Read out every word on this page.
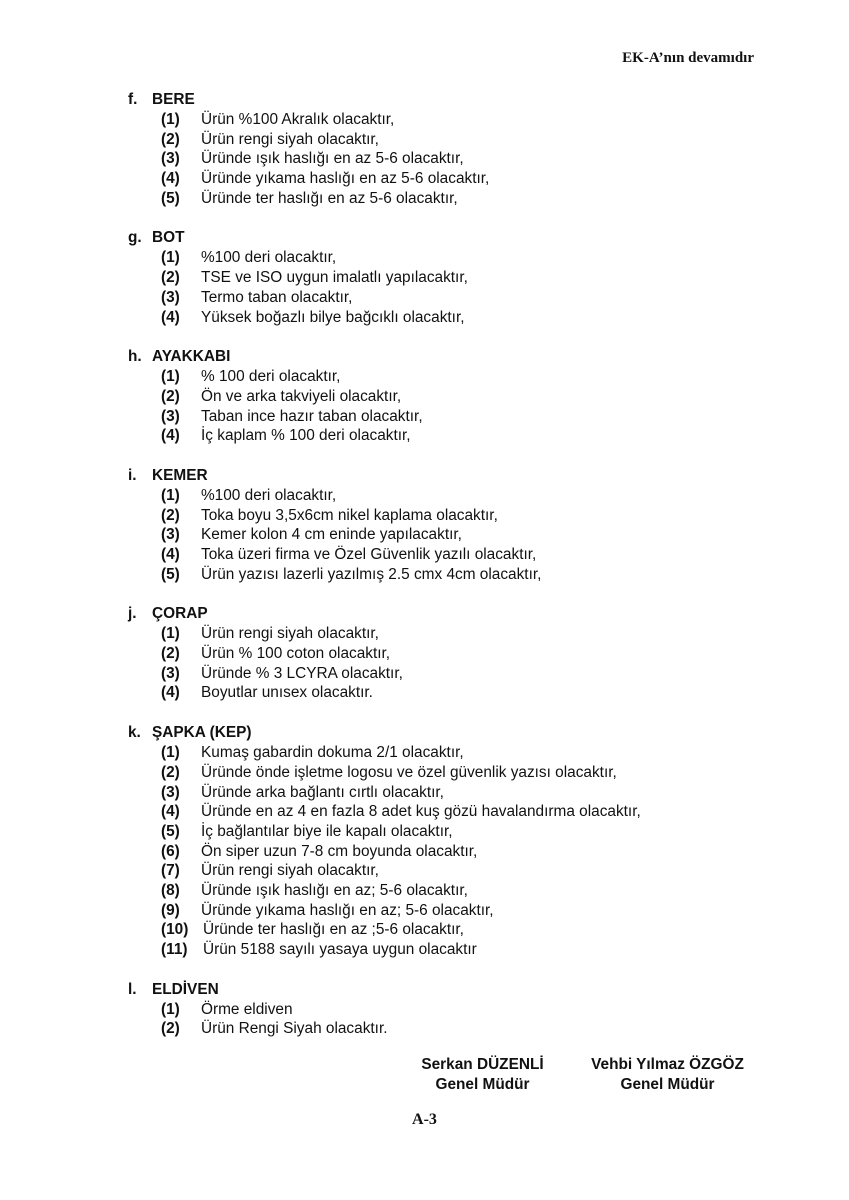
EK-A’nın devamıdır
f. BERE
(1)	Ürün %100 Akralık olacaktır,
(2)	Ürün rengi siyah olacaktır,
(3)	Üründe ışık haslığı en az 5-6 olacaktır,
(4)	Üründe yıkama haslığı en az 5-6 olacaktır,
(5)	Üründe ter haslığı en az 5-6 olacaktır,
g. BOT
(1)	%100 deri olacaktır,
(2)	TSE ve ISO uygun imalatlı yapılacaktır,
(3)	Termo taban olacaktır,
(4)	Yüksek boğazlı bilye bağcıklı olacaktır,
h. AYAKKABI
(1)	% 100 deri olacaktır,
(2)	Ön ve arka takviyeli olacaktır,
(3)	Taban ince hazır taban olacaktır,
(4)	İç kaplam % 100 deri olacaktır,
i.	KEMER
(1)	%100 deri olacaktır,
(2)	Toka boyu 3,5x6cm nikel kaplama olacaktır,
(3)	Kemer kolon 4 cm eninde yapılacaktır,
(4)	Toka üzeri firma ve Özel Güvenlik yazılı olacaktır,
(5)	Ürün yazısı lazerli yazılmış 2.5 cmx 4cm olacaktır,
j.	ÇORAP
(1)	Ürün rengi siyah olacaktır,
(2)	Ürün % 100 coton olacaktır,
(3)	Üründe % 3 LCYRA olacaktır,
(4)	Boyutlar unısex olacaktır.
k. ŞAPKA (KEP)
(1)	Kumaş gabardin dokuma 2/1 olacaktır,
(2)	Üründe önde işletme logosu ve özel güvenlik yazısı olacaktır,
(3)	Üründe arka bağlantı cırtlı olacaktır,
(4)	Üründe en az 4 en fazla 8 adet kuş gözü havalandırma olacaktır,
(5)	İç bağlantılar biye ile kapalı olacaktır,
(6)	Ön siper uzun 7-8 cm boyunda olacaktır,
(7)	Ürün rengi siyah olacaktır,
(8)	Üründe ışık haslığı en az; 5-6 olacaktır,
(9)	Üründe yıkama haslığı en az; 5-6 olacaktır,
(10) Üründe ter haslığı en az ;5-6 olacaktır,
(11)	Ürün 5188 sayılı yasaya uygun olacaktır
l.	ELDİVEN
(1)	Örme eldiven
(2)	Ürün Rengi Siyah olacaktır.
Serkan DÜZENLİ
Genel Müdür
Vehbi Yılmaz ÖZGÖZ
Genel Müdür
A-3
